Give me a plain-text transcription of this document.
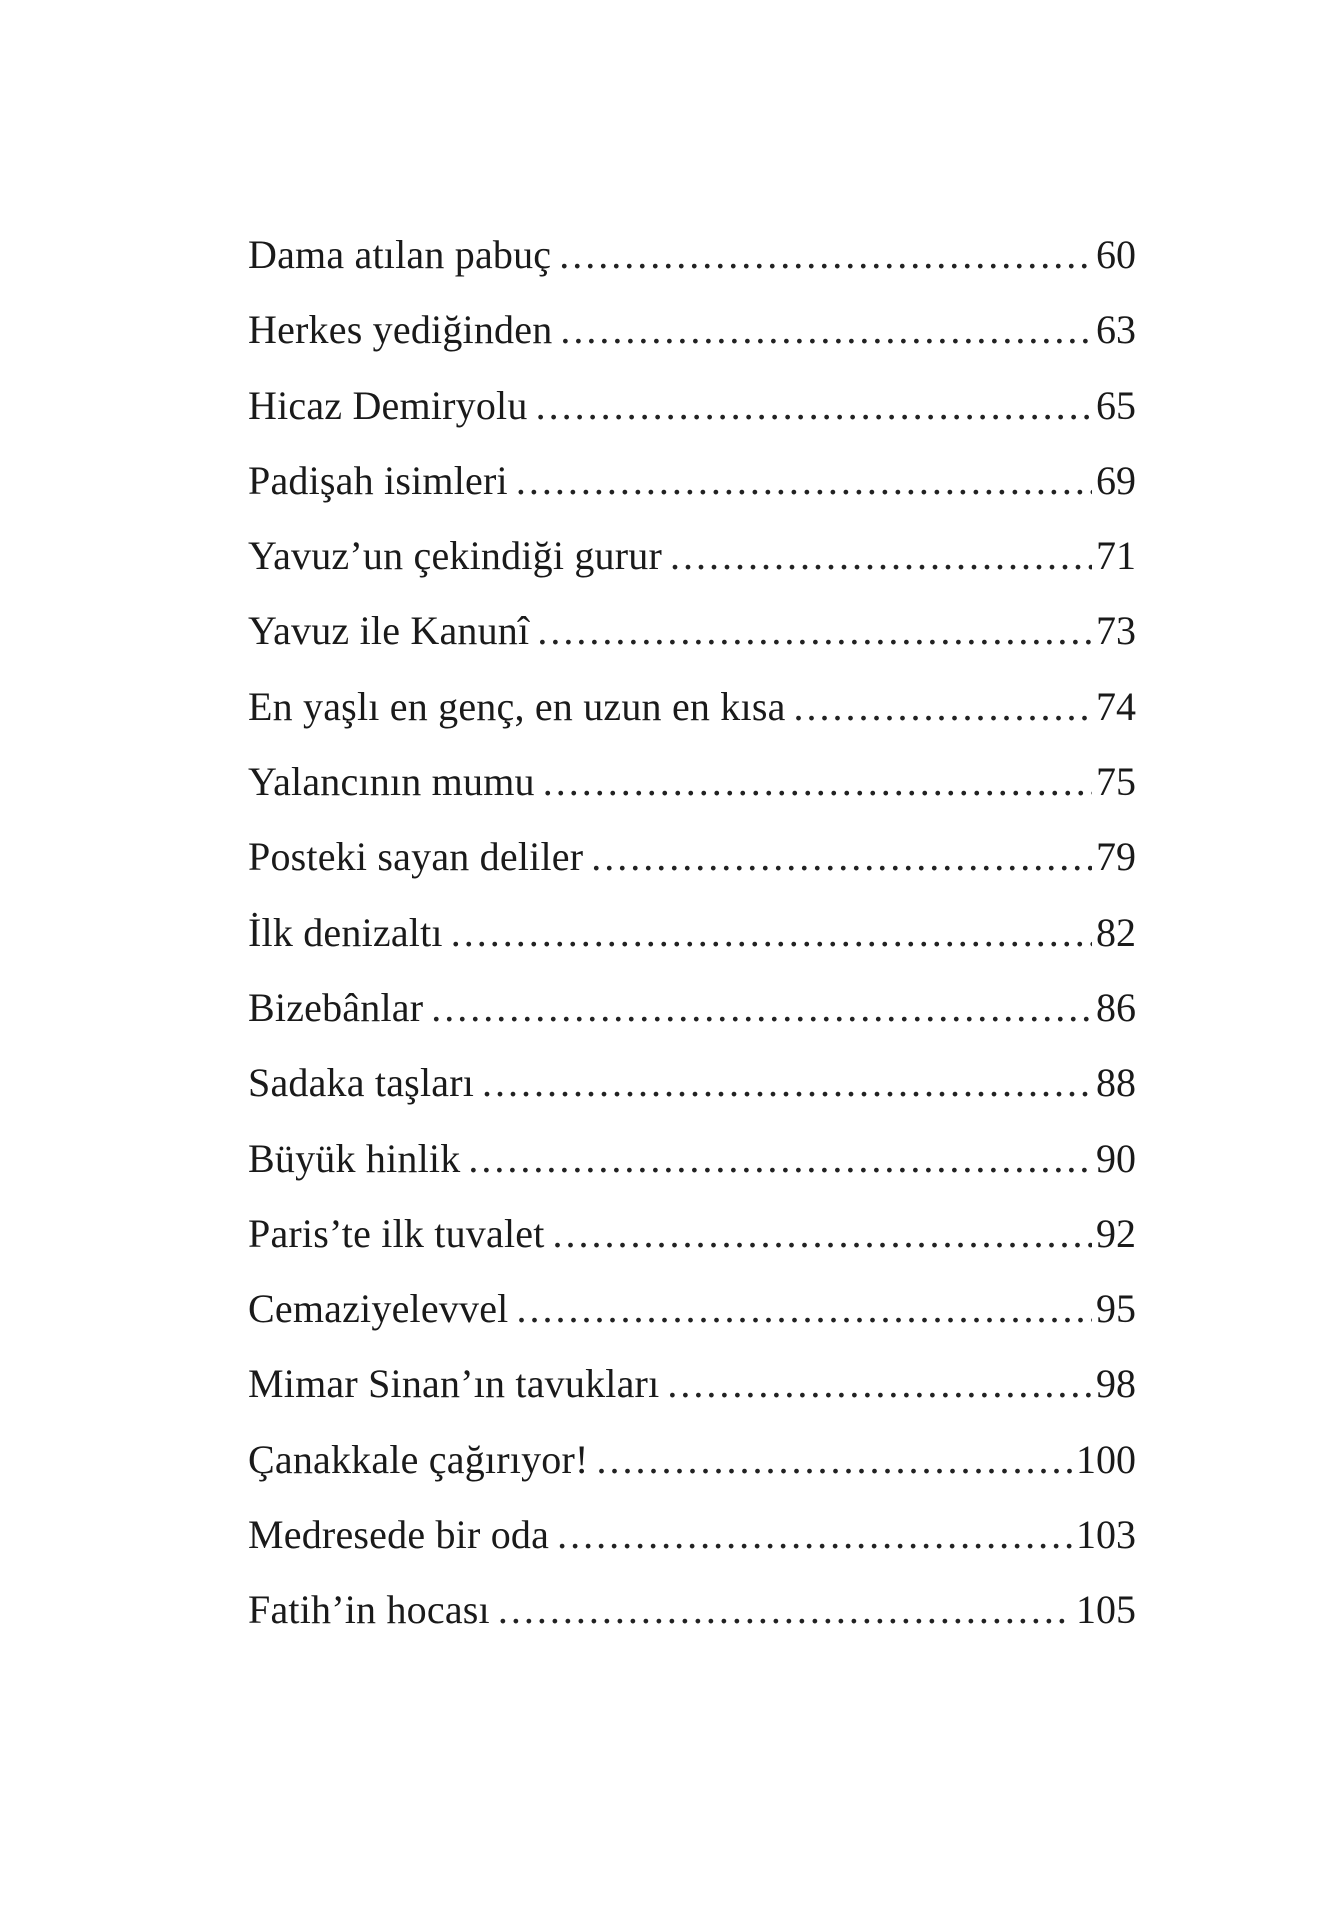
Dama atılan pabuç .....	60
Herkes yediğinden .....	63
Hicaz Demiryolu .....	65
Padişah isimleri .....	69
Yavuz’un çekindiği gurur .....	71
Yavuz ile Kanunî .....	73
En yaşlı en genç, en uzun en kısa .....	74
Yalancının mumu .....	75
Posteki sayan deliler .....	79
İlk denizaltı .....	82
Bizebânlar .....	86
Sadaka taşları .....	88
Büyük hinlik .....	90
Paris’te ilk tuvalet .....	92
Cemaziyelevvel .....	95
Mimar Sinan’ın tavukları .....	98
Çanakkale çağırıyor! .....	100
Medresede bir oda .....	103
Fatih’in hocası .....	105
